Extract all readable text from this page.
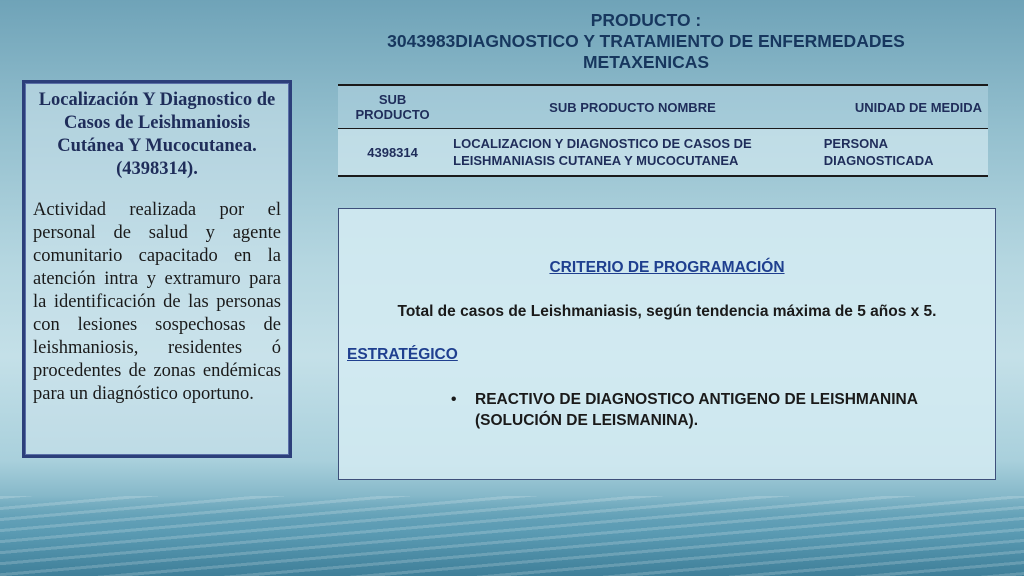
PRODUCTO :
3043983DIAGNOSTICO Y TRATAMIENTO DE ENFERMEDADES
METAXENICAS
Localización Y Diagnostico de Casos de Leishmaniosis Cutánea Y Mucocutanea. (4398314).
Actividad realizada por el personal de salud y agente comunitario capacitado en la atención intra y extramuro para la identificación de las personas con lesiones sospechosas de leishmaniosis, residentes ó procedentes de zonas endémicas para un diagnóstico oportuno.
SUB PRODUCTO	SUB PRODUCTO NOMBRE	UNIDAD DE MEDIDA
4398314	LOCALIZACION Y DIAGNOSTICO DE CASOS DE LEISHMANIASIS CUTANEA Y MUCOCUTANEA	PERSONA DIAGNOSTICADA
CRITERIO DE PROGRAMACIÓN
Total de casos de Leishmaniasis, según tendencia máxima de 5 años x 5.
ESTRATÉGICO
• REACTIVO DE DIAGNOSTICO ANTIGENO DE LEISHMANINA (SOLUCIÓN DE LEISMANINA).
